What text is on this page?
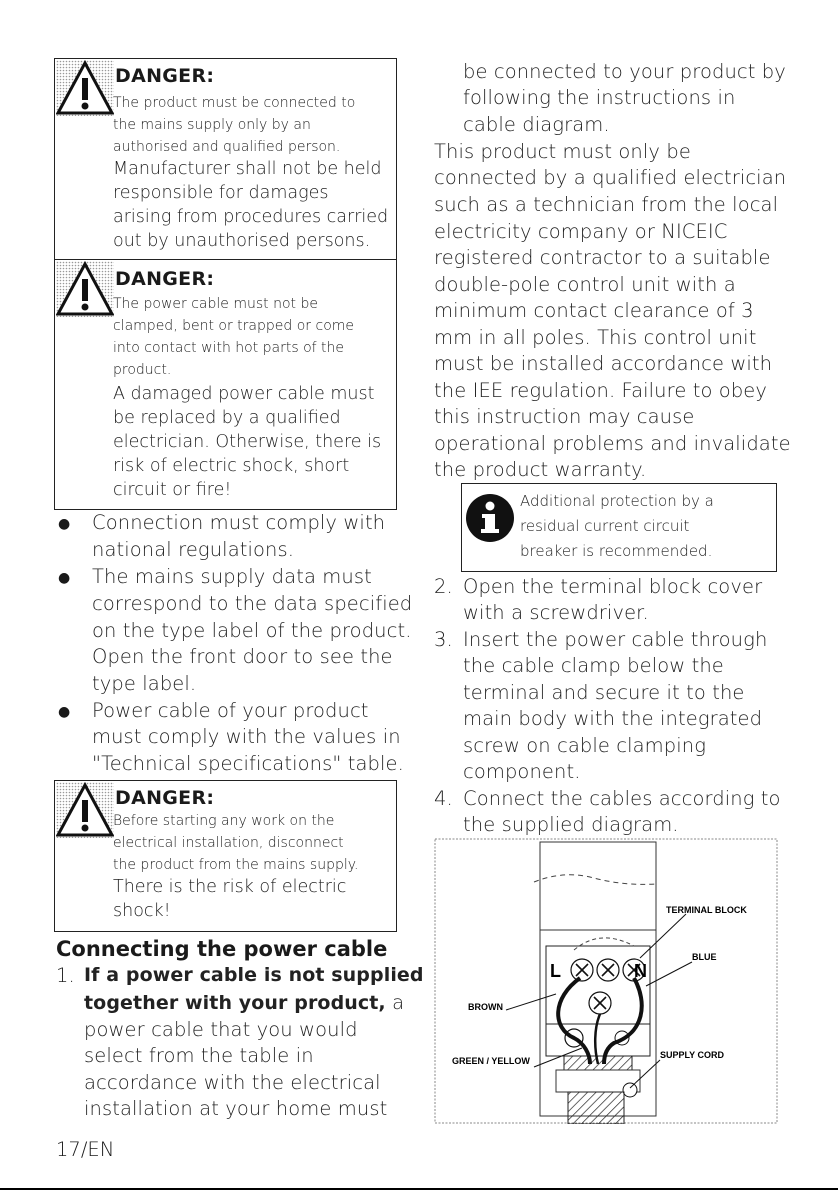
DANGER:
The product must be connected to
the mains supply only by an
authorised and qualified person.
Manufacturer shall not be held
responsible for damages
arising from procedures carried
out by unauthorised persons.
DANGER:
The power cable must not be
clamped, bent or trapped or come
into contact with hot parts of the
product.
A damaged power cable must
be replaced by a qualified
electrician. Otherwise, there is
risk of electric shock, short
circuit or fire!
● Connection must comply with
national regulations.
● The mains supply data must
correspond to the data specified
on the type label of the product.
Open the front door to see the
type label.
● Power cable of your product
must comply with the values in
"Technical specifications" table.
DANGER:
Before starting any work on the
electrical installation, disconnect
the product from the mains supply.
There is the risk of electric
shock!
Connecting the power cable
1. If a power cable is not supplied
together with your product, a
power cable that you would
select from the table in
accordance with the electrical
installation at your home must
be connected to your product by
following the instructions in
cable diagram.
This product must only be
connected by a qualified electrician
such as a technician from the local
electricity company or NICEIC
registered contractor to a suitable
double-pole control unit with a
minimum contact clearance of 3
mm in all poles. This control unit
must be installed accordance with
the IEE regulation. Failure to obey
this instruction may cause
operational problems and invalidate
the product warranty.
Additional protection by a
residual current circuit
breaker is recommended.
2. Open the terminal block cover
with a screwdriver.
3. Insert the power cable through
the cable clamp below the
terminal and secure it to the
main body with the integrated
screw on cable clamping
component.
4. Connect the cables according to
the supplied diagram.
L	N
TERMINAL BLOCK
BLUE
BROWN
GREEN / YELLOW
SUPPLY CORD
17/EN
